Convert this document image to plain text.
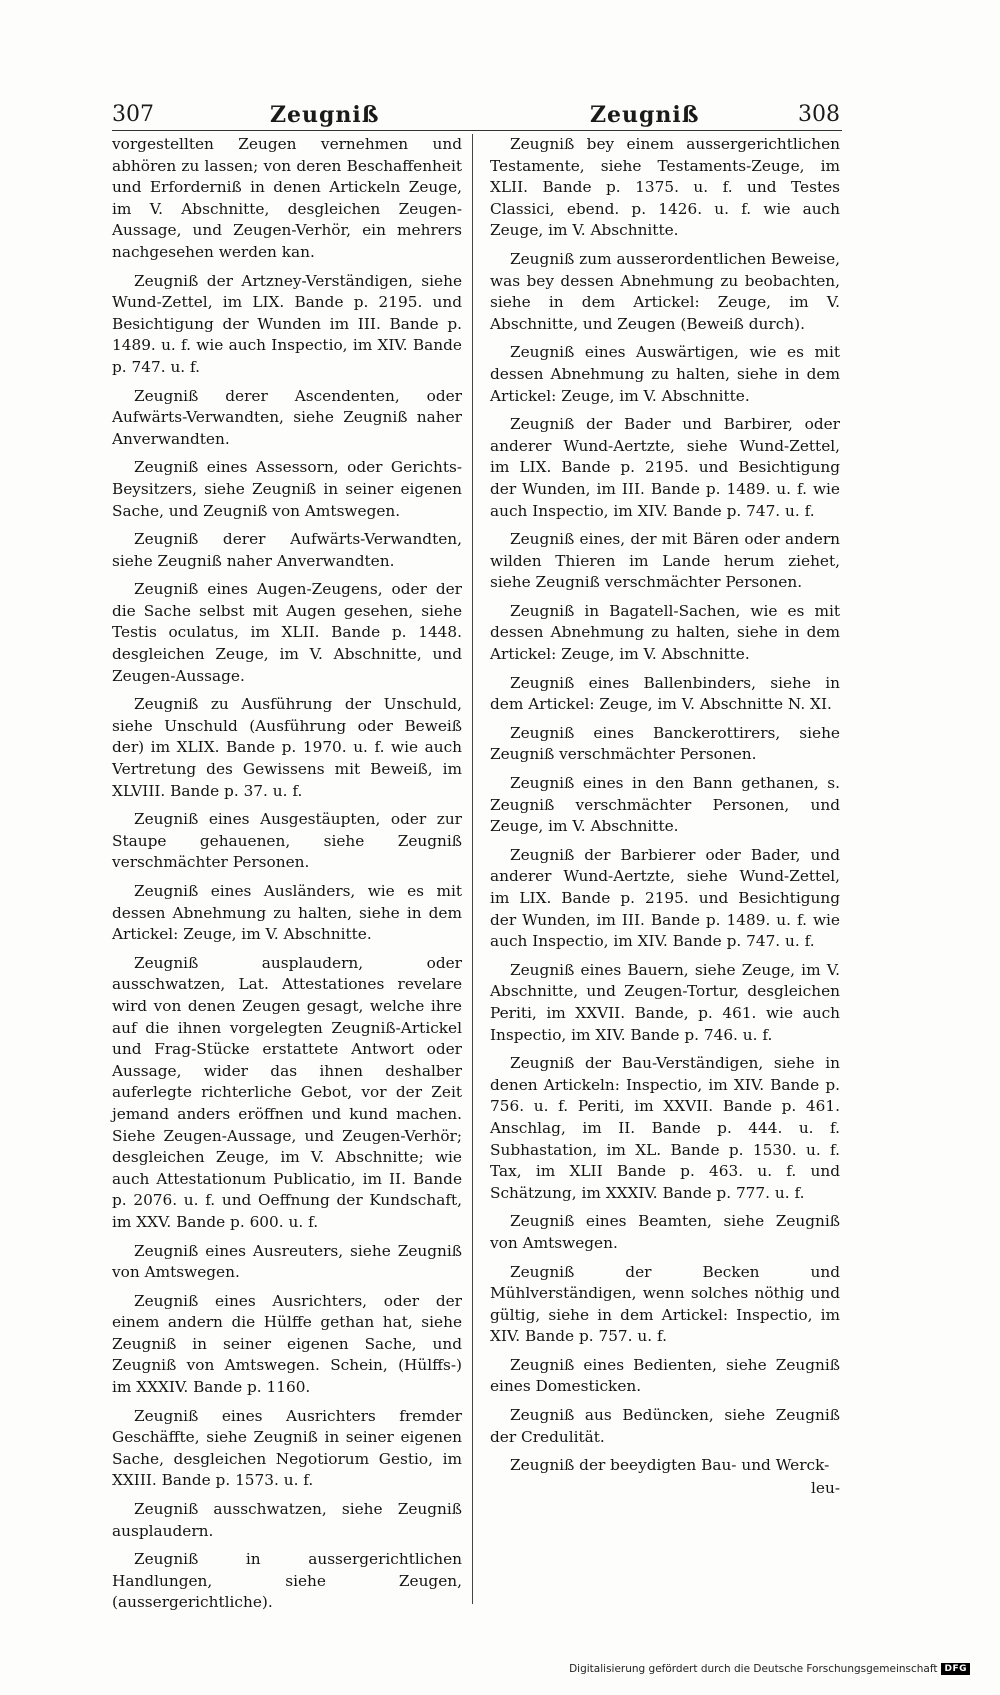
307	Zeugniß	Zeugniß	308

vorgestellten Zeugen vernehmen und abhören zu lassen; von deren Beschaffenheit und Erforderniß in denen Artickeln Zeuge, im V. Abschnitte, desgleichen Zeugen-Aussage, und Zeugen-Verhör, ein mehrers nachgesehen werden kan.

Zeugniß der Artzney-Verständigen, siehe Wund-Zettel, im LIX. Bande p. 2195. und Besichtigung der Wunden im III. Bande p. 1489. u. f. wie auch Inspectio, im XIV. Bande p. 747. u. f.

Zeugniß derer Ascendenten, oder Aufwärts-Verwandten, siehe Zeugniß naher Anverwandten.

Zeugniß eines Assessorn, oder Gerichts-Beysitzers, siehe Zeugniß in seiner eigenen Sache, und Zeugniß von Amtswegen.

Zeugniß derer Aufwärts-Verwandten, siehe Zeugniß naher Anverwandten.

Zeugniß eines Augen-Zeugens, oder der die Sache selbst mit Augen gesehen, siehe Testis oculatus, im XLII. Bande p. 1448. desgleichen Zeuge, im V. Abschnitte, und Zeugen-Aussage.

Zeugniß zu Ausführung der Unschuld, siehe Unschuld (Ausführung oder Beweiß der) im XLIX. Bande p. 1970. u. f. wie auch Vertretung des Gewissens mit Beweiß, im XLVIII. Bande p. 37. u. f.

Zeugniß eines Ausgestäupten, oder zur Staupe gehauenen, siehe Zeugniß verschmächter Personen.

Zeugniß eines Ausländers, wie es mit dessen Abnehmung zu halten, siehe in dem Artickel: Zeuge, im V. Abschnitte.

Zeugniß ausplaudern, oder ausschwatzen, Lat. Attestationes revelare wird von denen Zeugen gesagt, welche ihre auf die ihnen vorgelegten Zeugniß-Artickel und Frag-Stücke erstattete Antwort oder Aussage, wider das ihnen deshalber auferlegte richterliche Gebot, vor der Zeit jemand anders eröffnen und kund machen. Siehe Zeugen-Aussage, und Zeugen-Verhör; desgleichen Zeuge, im V. Abschnitte; wie auch Attestationum Publicatio, im II. Bande p. 2076. u. f. und Oeffnung der Kundschaft, im XXV. Bande p. 600. u. f.

Zeugniß eines Ausreuters, siehe Zeugniß von Amtswegen.

Zeugniß eines Ausrichters, oder der einem andern die Hülffe gethan hat, siehe Zeugniß in seiner eigenen Sache, und Zeugniß von Amtswegen. Schein, (Hülffs-) im XXXIV. Bande p. 1160.

Zeugniß eines Ausrichters fremder Geschäffte, siehe Zeugniß in seiner eigenen Sache, desgleichen Negotiorum Gestio, im XXIII. Bande p. 1573. u. f.

Zeugniß ausschwatzen, siehe Zeugniß ausplaudern.

Zeugniß in aussergerichtlichen Handlungen, siehe Zeugen, (aussergerichtliche).

Zeugniß bey einem aussergerichtlichen Testamente, siehe Testaments-Zeuge, im XLII. Bande p. 1375. u. f. und Testes Classici, ebend. p. 1426. u. f. wie auch Zeuge, im V. Abschnitte.

Zeugniß zum ausserordentlichen Beweise, was bey dessen Abnehmung zu beobachten, siehe in dem Artickel: Zeuge, im V. Abschnitte, und Zeugen (Beweiß durch).

Zeugniß eines Auswärtigen, wie es mit dessen Abnehmung zu halten, siehe in dem Artickel: Zeuge, im V. Abschnitte.

Zeugniß der Bader und Barbirer, oder anderer Wund-Aertzte, siehe Wund-Zettel, im LIX. Bande p. 2195. und Besichtigung der Wunden, im III. Bande p. 1489. u. f. wie auch Inspectio, im XIV. Bande p. 747. u. f.

Zeugniß eines, der mit Bären oder andern wilden Thieren im Lande herum ziehet, siehe Zeugniß verschmächter Personen.

Zeugniß in Bagatell-Sachen, wie es mit dessen Abnehmung zu halten, siehe in dem Artickel: Zeuge, im V. Abschnitte.

Zeugniß eines Ballenbinders, siehe in dem Artickel: Zeuge, im V. Abschnitte N. XI.

Zeugniß eines Banckerottirers, siehe Zeugniß verschmächter Personen.

Zeugniß eines in den Bann gethanen, s. Zeugniß verschmächter Personen, und Zeuge, im V. Abschnitte.

Zeugniß der Barbierer oder Bader, und anderer Wund-Aertzte, siehe Wund-Zettel, im LIX. Bande p. 2195. und Besichtigung der Wunden, im III. Bande p. 1489. u. f. wie auch Inspectio, im XIV. Bande p. 747. u. f.

Zeugniß eines Bauern, siehe Zeuge, im V. Abschnitte, und Zeugen-Tortur, desgleichen Periti, im XXVII. Bande, p. 461. wie auch Inspectio, im XIV. Bande p. 746. u. f.

Zeugniß der Bau-Verständigen, siehe in denen Artickeln: Inspectio, im XIV. Bande p. 756. u. f. Periti, im XXVII. Bande p. 461. Anschlag, im II. Bande p. 444. u. f. Subhastation, im XL. Bande p. 1530. u. f. Tax, im XLII Bande p. 463. u. f. und Schätzung, im XXXIV. Bande p. 777. u. f.

Zeugniß eines Beamten, siehe Zeugniß von Amtswegen.

Zeugniß der Becken und Mühlverständigen, wenn solches nöthig und gültig, siehe in dem Artickel: Inspectio, im XIV. Bande p. 757. u. f.

Zeugniß eines Bedienten, siehe Zeugniß eines Domesticken.

Zeugniß aus Bedüncken, siehe Zeugniß der Credulität.

Zeugniß der beeydigten Bau- und Werck-

leu-

Digitalisierung gefördert durch die Deutsche Forschungsgemeinschaft DFG
